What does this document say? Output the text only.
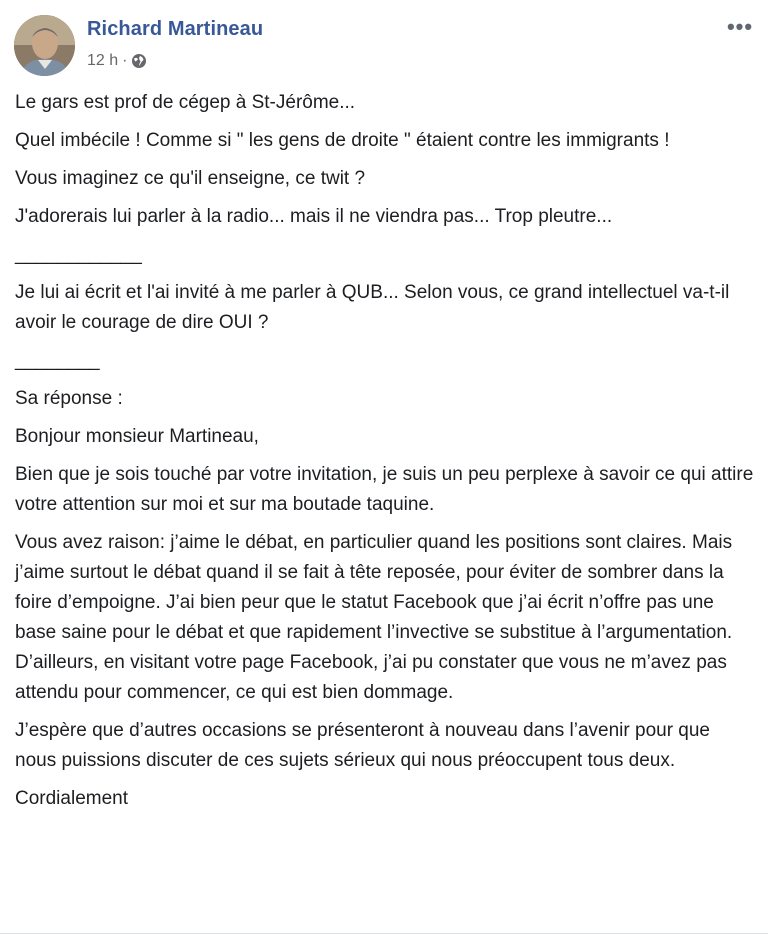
Richard Martineau
12 h ·
•••

Le gars est prof de cégep à St-Jérôme...

Quel imbécile ! Comme si " les gens de droite " étaient contre les immigrants !

Vous imaginez ce qu'il enseigne, ce twit ?

J'adorerais lui parler à la radio... mais il ne viendra pas... Trop pleutre...

____________

Je lui ai écrit et l'ai invité à me parler à QUB... Selon vous, ce grand intellectuel va-t-il avoir le courage de dire OUI ?

________

Sa réponse :

Bonjour monsieur Martineau,

Bien que je sois touché par votre invitation, je suis un peu perplexe à savoir ce qui attire votre attention sur moi et sur ma boutade taquine.

Vous avez raison: j’aime le débat, en particulier quand les positions sont claires. Mais j’aime surtout le débat quand il se fait à tête reposée, pour éviter de sombrer dans la foire d’empoigne. J’ai bien peur que le statut Facebook que j’ai écrit n’offre pas une base saine pour le débat et que rapidement l’invective se substitue à l’argumentation. D’ailleurs, en visitant votre page Facebook, j’ai pu constater que vous ne m’avez pas attendu pour commencer, ce qui est bien dommage.

J’espère que d’autres occasions se présenteront à nouveau dans l’avenir pour que nous puissions discuter de ces sujets sérieux qui nous préoccupent tous deux.

Cordialement
